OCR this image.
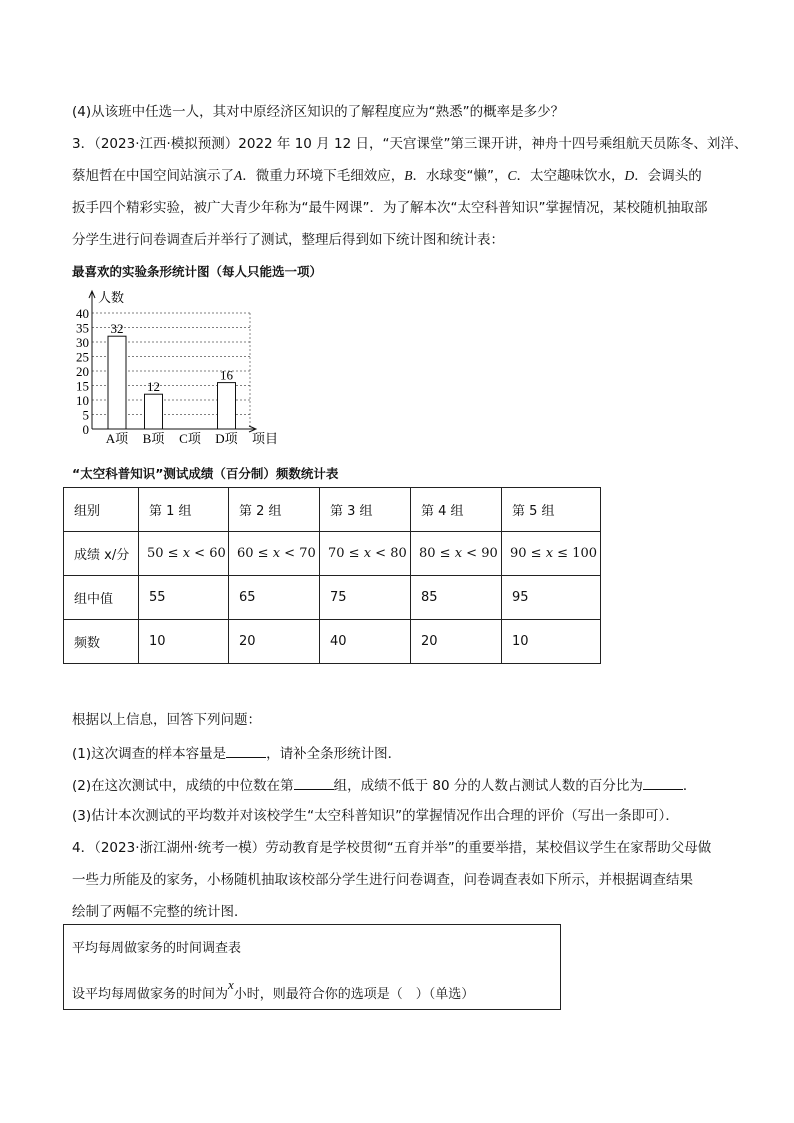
(4)从该班中任选一人，其对中原经济区知识的了解程度应为“熟悉”的概率是多少？
3．（2023·江西·模拟预测）2022 年 10 月 12 日，“天宫课堂”第三课开讲，神舟十四号乘组航天员陈冬、刘洋、
蔡旭哲在中国空间站演示了A．微重力环境下毛细效应，B．水球变“懒”，C．太空趣味饮水，D．会调头的
扳手四个精彩实验，被广大青少年称为“最牛网课”．为了解本次“太空科普知识”掌握情况，某校随机抽取部
分学生进行问卷调查后并举行了测试，整理后得到如下统计图和统计表：
最喜欢的实验条形统计图（每人只能选一项）
0
5
10
15
20
25
30
35
40
32
12
16
A项 B项 C项 D项
人数
项目
“太空科普知识”测试成绩（百分制）频数统计表
组别	第 1 组	第 2 组	第 3 组	第 4 组	第 5 组
成绩 x/分	50 ≤ 𝑥 < 60	60 ≤ 𝑥 < 70	70 ≤ 𝑥 < 80	80 ≤ 𝑥 < 90	90 ≤ 𝑥 ≤ 100
组中值	55	65	75	85	95
频数	10	20	40	20	10
根据以上信息，回答下列问题：
(1)这次调查的样本容量是	，请补全条形统计图．
(2)在这次测试中，成绩的中位数在第	组，成绩不低于 80 分的人数占测试人数的百分比为	．
(3)估计本次测试的平均数并对该校学生“太空科普知识”的掌握情况作出合理的评价（写出一条即可）．
4．（2023·浙江湖州·统考一模）劳动教育是学校贯彻“五育并举”的重要举措，某校倡议学生在家帮助父母做
一些力所能及的家务，小杨随机抽取该校部分学生进行问卷调查，问卷调查表如下所示，并根据调查结果
绘制了两幅不完整的统计图．
平均每周做家务的时间调查表
设平均每周做家务的时间为x小时，则最符合你的选项是（　）（单选）
